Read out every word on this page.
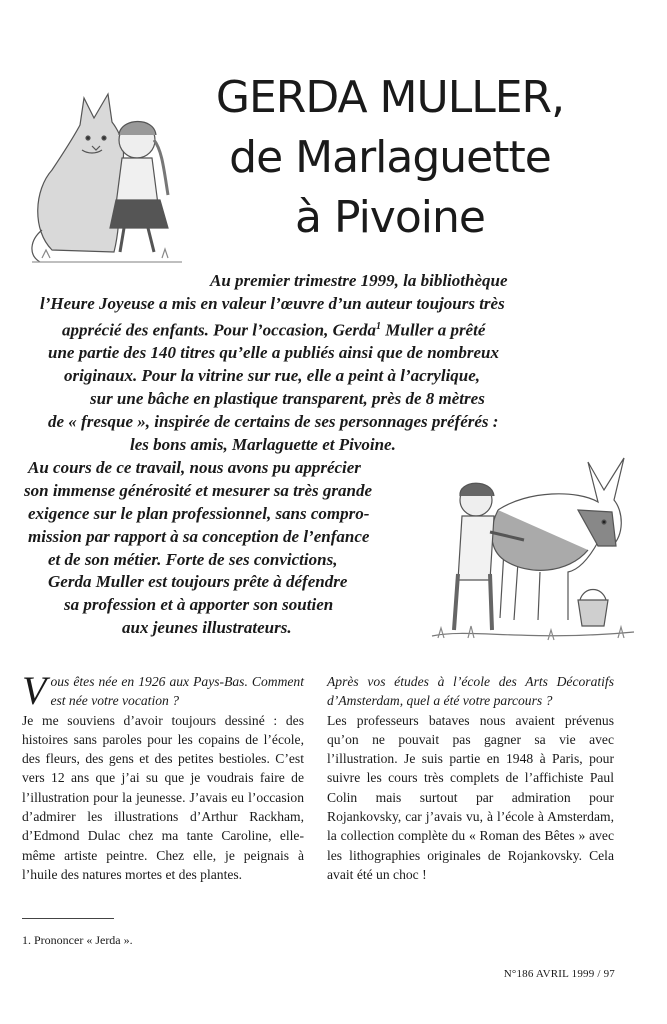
GERDA MULLER,
de Marlaguette
à Pivoine
Au premier trimestre 1999, la bibliothèque
l’Heure Joyeuse a mis en valeur l’œuvre d’un auteur toujours très
apprécié des enfants. Pour l’occasion, Gerda$^1$ Muller a prêté
une partie des 140 titres qu’elle a publiés ainsi que de nombreux
originaux. Pour la vitrine sur rue, elle a peint à l’acrylique,
sur une bâche en plastique transparent, près de 8 mètres
de « fresque », inspirée de certains de ses personnages préférés :
les bons amis, Marlaguette et Pivoine.
Au cours de ce travail, nous avons pu apprécier
son immense générosité et mesurer sa très grande
exigence sur le plan professionnel, sans compro-
mission par rapport à sa conception de l’enfance
et de son métier. Forte de ses convictions,
Gerda Muller est toujours prête à défendre
sa profession et à apporter son soutien
aux jeunes illustrateurs.

Vous êtes née en 1926 aux Pays-Bas. Comment est née votre vocation ?

Je me souviens d’avoir toujours dessiné : des histoires sans paroles pour les copains de l’école, des fleurs, des gens et des petites bestioles. C’est vers 12 ans que j’ai su que je voudrais faire de l’illustration pour la jeunesse. J’avais eu l’occasion d’admirer les illustrations d’Arthur Rackham, d’Edmond Dulac chez ma tante Caroline, elle-même artiste peintre. Chez elle, je peignais à l’huile des natures mortes et des plantes.

Après vos études à l’école des Arts Décoratifs d’Amsterdam, quel a été votre parcours ?

Les professeurs bataves nous avaient prévenus qu’on ne pouvait pas gagner sa vie avec l’illustration. Je suis partie en 1948 à Paris, pour suivre les cours très complets de l’affichiste Paul Colin mais surtout par admiration pour Rojankovsky, car j’avais vu, à l’école à Amsterdam, la collection complète du « Roman des Bêtes » avec les lithographies originales de Rojankovsky. Cela avait été un choc !

1. Prononcer « Jerda ».
N°186 AVRIL 1999 / 97
